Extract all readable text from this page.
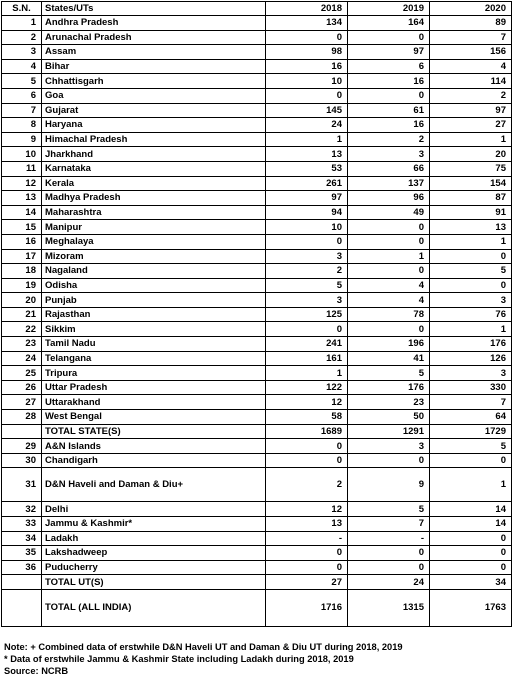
S.N.	States/UTs	2018	2019	2020
1	Andhra Pradesh	134	164	89
2	Arunachal Pradesh	0	0	7
3	Assam	98	97	156
4	Bihar	16	6	4
5	Chhattisgarh	10	16	114
6	Goa	0	0	2
7	Gujarat	145	61	97
8	Haryana	24	16	27
9	Himachal Pradesh	1	2	1
10	Jharkhand	13	3	20
11	Karnataka	53	66	75
12	Kerala	261	137	154
13	Madhya Pradesh	97	96	87
14	Maharashtra	94	49	91
15	Manipur	10	0	13
16	Meghalaya	0	0	1
17	Mizoram	3	1	0
18	Nagaland	2	0	5
19	Odisha	5	4	0
20	Punjab	3	4	3
21	Rajasthan	125	78	76
22	Sikkim	0	0	1
23	Tamil Nadu	241	196	176
24	Telangana	161	41	126
25	Tripura	1	5	3
26	Uttar Pradesh	122	176	330
27	Uttarakhand	12	23	7
28	West Bengal	58	50	64
	TOTAL STATE(S)	1689	1291	1729
29	A&N Islands	0	3	5
30	Chandigarh	0	0	0
31	D&N Haveli and Daman & Diu+	2	9	1
32	Delhi	12	5	14
33	Jammu & Kashmir*	13	7	14
34	Ladakh	-	-	0
35	Lakshadweep	0	0	0
36	Puducherry	0	0	0
	TOTAL UT(S)	27	24	34
	TOTAL (ALL INDIA)	1716	1315	1763
Note: + Combined data of erstwhile D&N Haveli UT and Daman & Diu UT during 2018, 2019
* Data of erstwhile Jammu & Kashmir State including Ladakh during 2018, 2019
Source: NCRB
